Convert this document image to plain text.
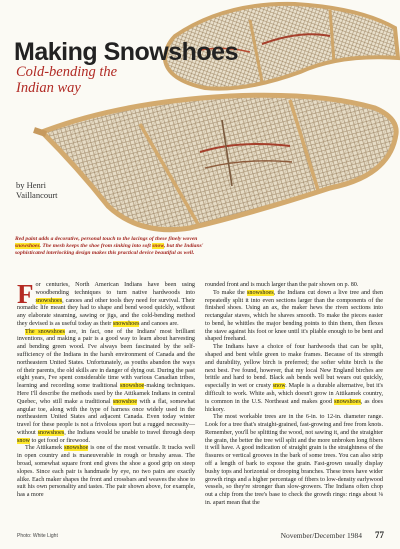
Making Snowshoes
Cold-bending the Indian way
by Henri
Vaillancourt
Red paint adds a decorative, personal touch to the lacings of these finely woven snowshoes. The mesh keeps the shoe from sinking into soft snow, but the Indians' sophisticated interlocking design makes this practical device beautiful as well.

For centuries, North American Indians have been using woodbending techniques to turn native hardwoods into snowshoes, canoes and other tools they need for survival. Their nomadic life meant they had to shape and bend wood quickly, without any elaborate steaming, sawing or jigs, and the cold-bending method they devised is as useful today as their snowshoes and canoes are.

The snowshoes are, in fact, one of the Indians' most brilliant inventions, and making a pair is a good way to learn about harvesting and bending green wood. I've always been fascinated by the self-sufficiency of the Indians in the harsh environment of Canada and the northeastern United States. Unfortunately, as youths abandon the ways of their parents, the old skills are in danger of dying out. During the past eight years, I've spent considerable time with various Canadian tribes, learning and recording some traditional snowshoe-making techniques. Here I'll describe the methods used by the Attikamek Indians in central Quebec, who still make a traditional snowshoe with a flat, somewhat angular toe, along with the type of harness once widely used in the northeastern United States and adjacent Canada. Even today winter travel for these people is not a frivolous sport but a rugged necessity—without snowshoes, the Indians would be unable to travel through deep snow to get food or firewood.

The Attikamek snowshoe is one of the most versatile. It tracks well in open country and is maneuverable in rough or brushy areas. The broad, somewhat square front end gives the shoe a good grip on steep slopes. Since each pair is handmade by eye, no two pairs are exactly alike. Each maker shapes the front and crossbars and weaves the shoe to suit his own personality and tastes. The pair shown above, for example, has a more

rounded front and is much larger than the pair shown on p. 80.

To make the snowshoes, the Indians cut down a live tree and then repeatedly split it into even sections larger than the components of the finished shoes. Using an ax, the maker hews the riven sections into rectangular staves, which he shaves smooth. To make the pieces easier to bend, he whittles the major bending points to thin them, then flexes the stave against his foot or knee until it's pliable enough to be bent and shaped freehand.

The Indians have a choice of four hardwoods that can be split, shaped and bent while green to make frames. Because of its strength and durability, yellow birch is preferred; the softer white birch is the next best. I've found, however, that my local New England birches are brittle and hard to bend. Black ash bends well but wears out quickly, especially in wet or crusty snow. Maple is a durable alternative, but it's difficult to work. White ash, which doesn't grow in Attikamek country, is common in the U.S. Northeast and makes good snowshoes, as does hickory.

The most workable trees are in the 6-in. to 12-in. diameter range. Look for a tree that's straight-grained, fast-growing and free from knots. Remember, you'll be splitting the wood, not sawing it, and the straighter the grain, the better the tree will split and the more unbroken long fibers it will have. A good indication of straight grain is the straightness of the fissures or vertical grooves in the bark of some trees. You can also strip off a length of bark to expose the grain. Fast-grown usually display bushy tops and horizontal or drooping branches. These trees have wider growth rings and a higher percentage of fibers to low-density earlywood vessels, so they're stronger than slow-growers. The Indians often chop out a chip from the tree's base to check the growth rings: rings about ⅛ in. apart mean that the

Photo: White Light	November/December 1984 77
